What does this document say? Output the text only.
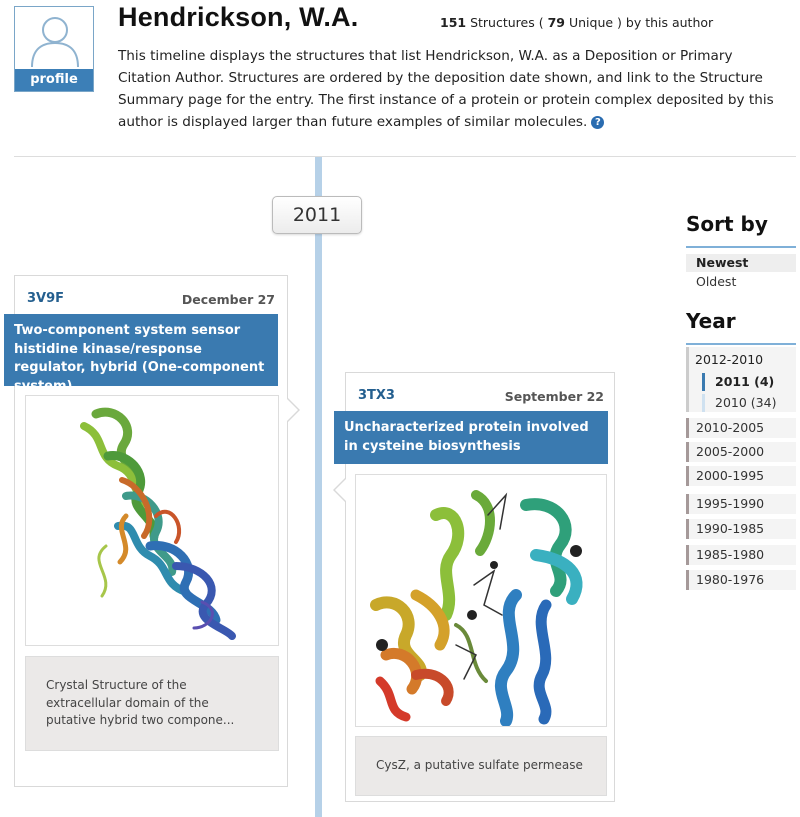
profile
Hendrickson, W.A.	151 Structures ( 79 Unique ) by this author
This timeline displays the structures that list Hendrickson, W.A. as a Deposition or Primary Citation Author. Structures are ordered by the deposition date shown, and link to the Structure Summary page for the entry. The first instance of a protein or protein complex deposited by this author is displayed larger than future examples of similar molecules. ?
2011
3V9F	December 27
Two-component system sensor histidine kinase/response regulator, hybrid (One-component system)
Crystal Structure of the extracellular domain of the putative hybrid two compone...
3TX3	September 22
Uncharacterized protein involved in cysteine biosynthesis
CysZ, a putative sulfate permease
Sort by
Newest
Oldest
Year
2012-2010
2011 (4)
2010 (34)
2010-2005
2005-2000
2000-1995
1995-1990
1990-1985
1985-1980
1980-1976
